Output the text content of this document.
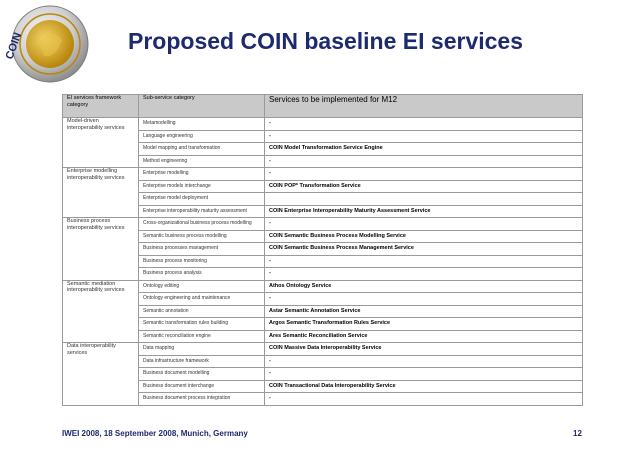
COIN	Proposed COIN baseline EI services
EI services framework category	Sub-service category	Services to be implemented for M12
Model-driven interoperability services	Metamodelling	-
	Language engineering	-
	Model mapping and transformation	COIN Model Transformation Service Engine
	Method engineering	-
Enterprise modelling interoperability services	Enterprise modelling	-
	Enterprise models interchange	COIN POP* Transformation Service
	Enterprise model deployment	
	Enterprise interoperability maturity assessment	COIN Enterprise Interoperability Maturity Assessment Service
Business process interoperability services	Cross-organizational business process modelling	-
	Semantic business process modelling	COIN Semantic Business Process Modelling Service
	Business processes management	COIN Semantic Business Process Management Service
	Business process monitoring	-
	Business process analysis	-
Semantic mediation interoperability services	Ontology editing	Athos Ontology Service
	Ontology engineering and maintenance	-
	Semantic annotation	Astar Semantic Annotation Service
	Semantic transformation rules building	Argos Semantic Transformation Rules Service
	Semantic reconciliation engine	Ares Semantic Reconciliation Service
Data interoperability services	Data mapping	COIN Massive Data Interoperability Service
	Data infrastructure framework	-
	Business document modelling	-
	Business document interchange	COIN Transactional Data Interoperability Service
	Business document process integration	-
IWEI 2008, 18 September 2008, Munich, Germany	12
